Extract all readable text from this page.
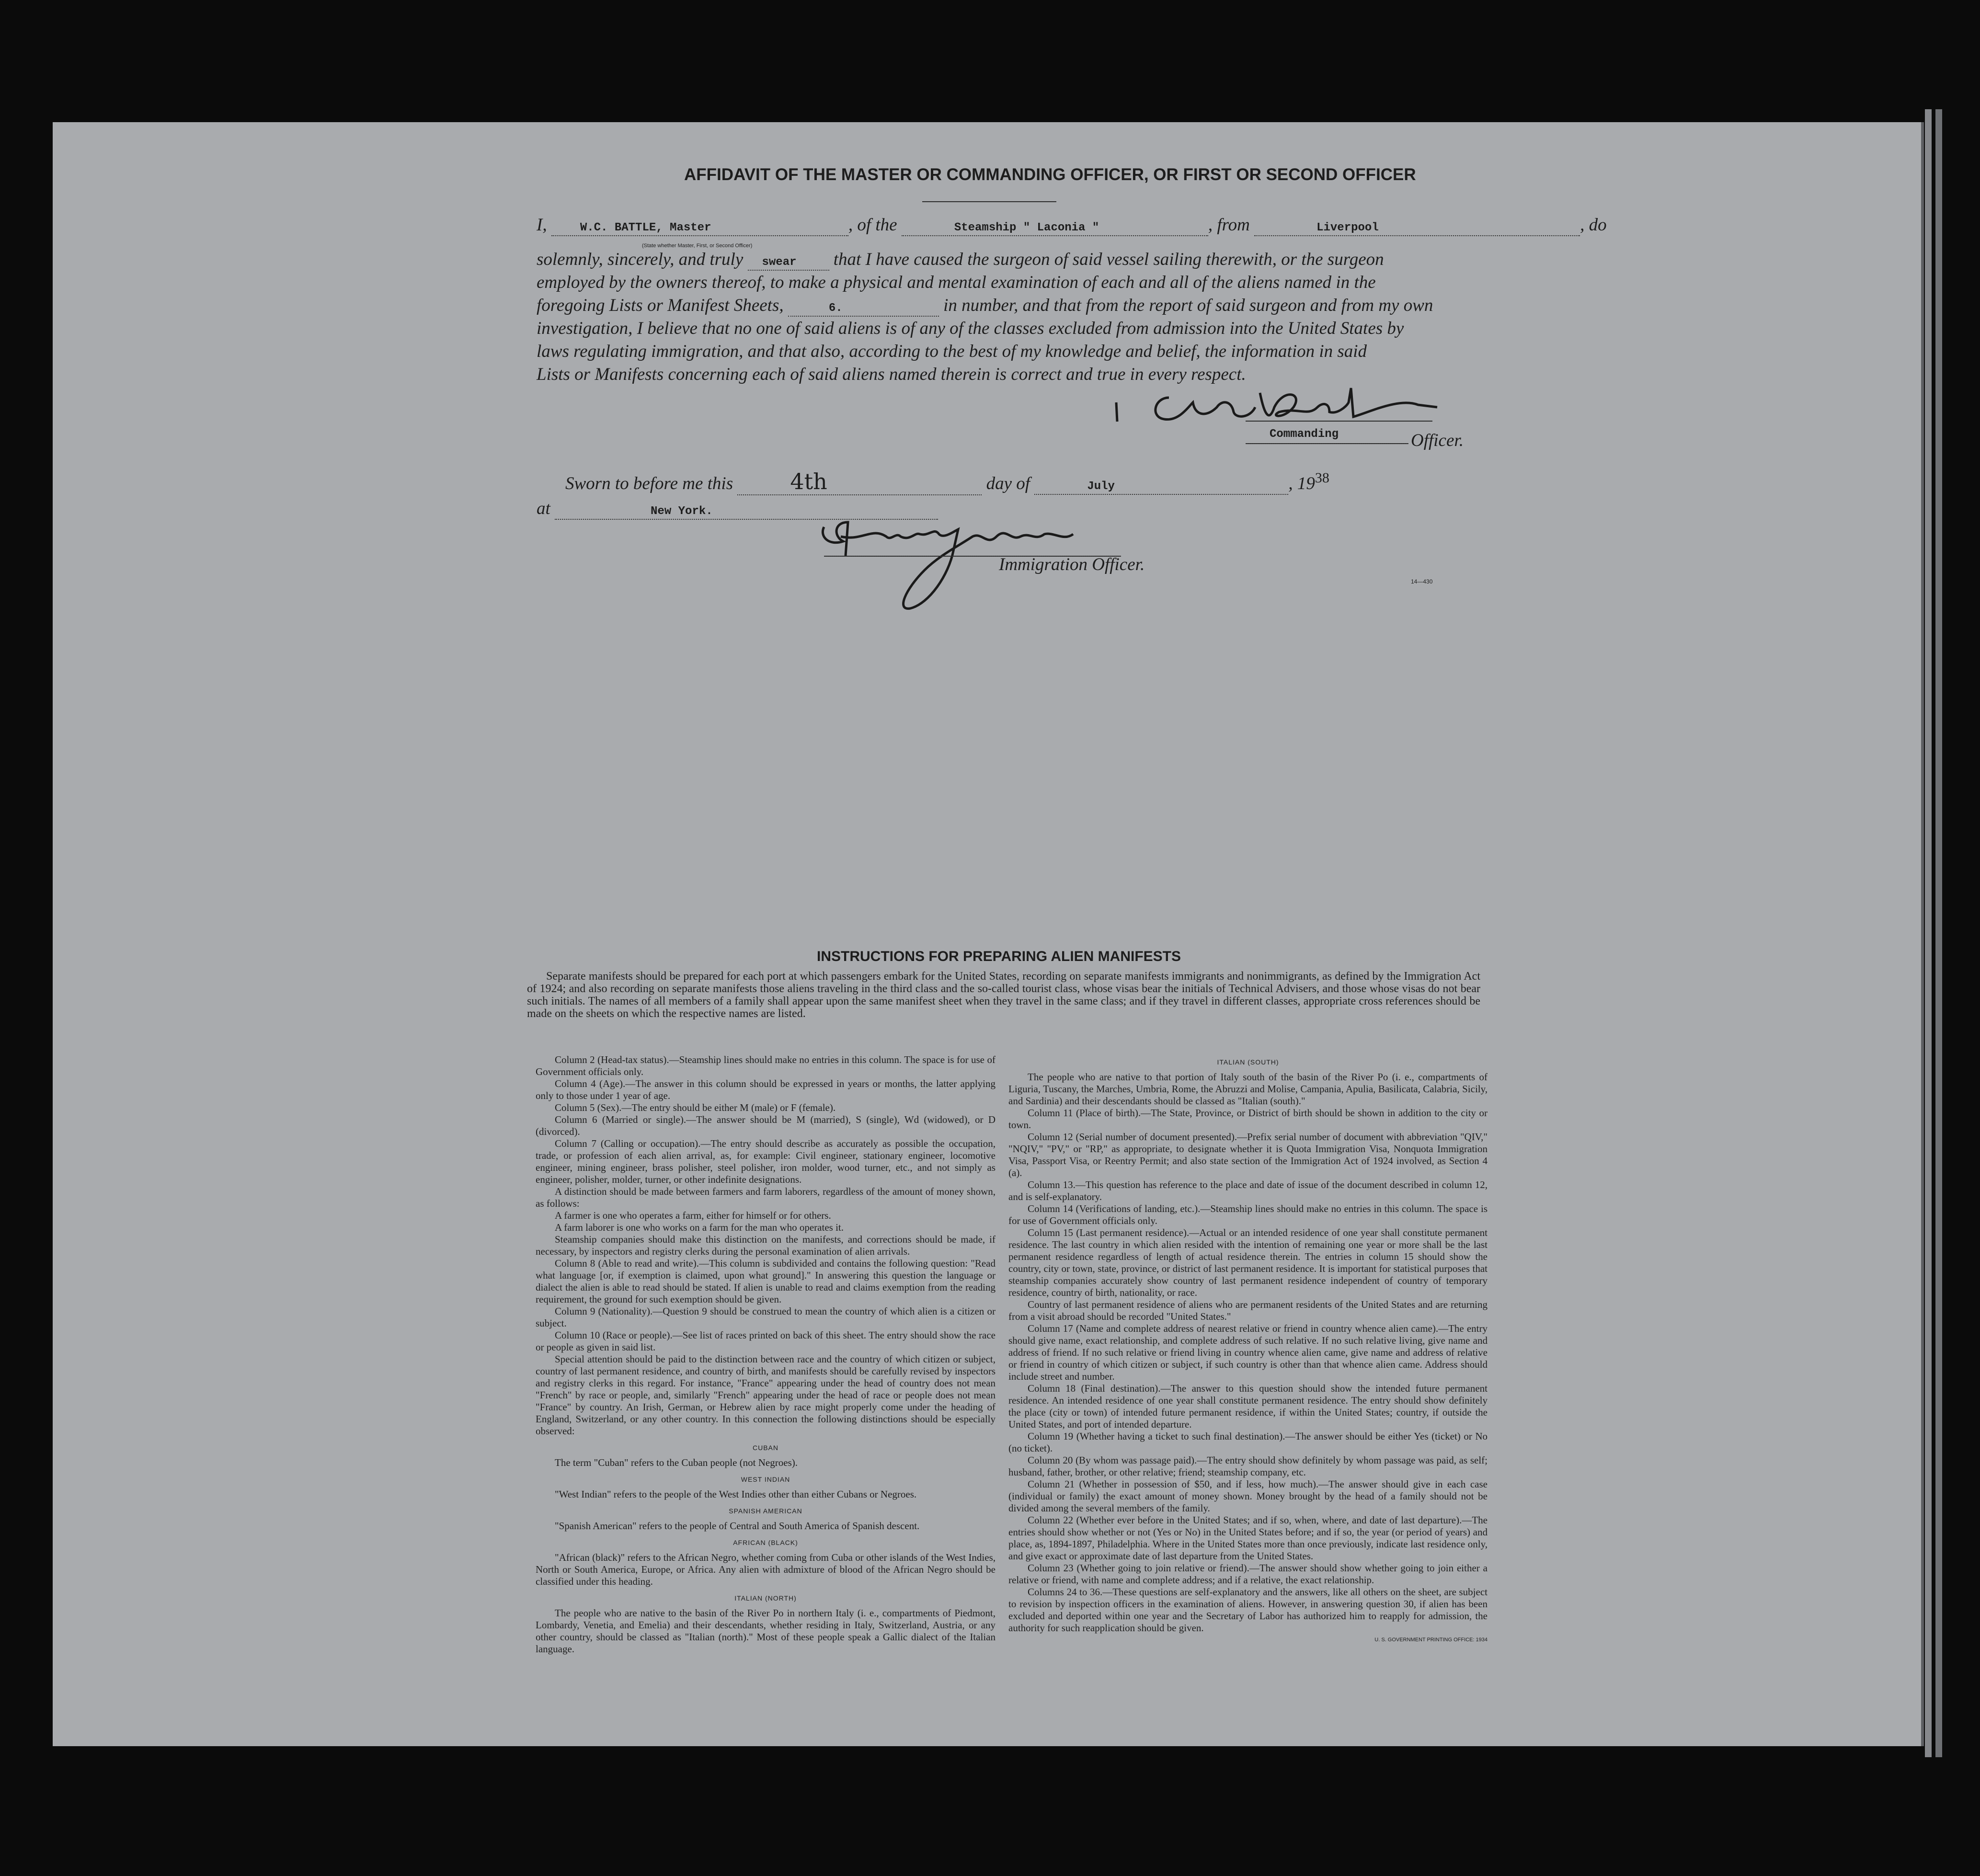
AFFIDAVIT OF THE MASTER OR COMMANDING OFFICER, OR FIRST OR SECOND OFFICER
I,	W.C. BATTLE, Master	, of the	Steamship " Laconia "	, from	Liverpool	, do
(State whether Master, First, or Second Officer)
solemnly, sincerely, and truly swear that I have caused the surgeon of said vessel sailing therewith, or the surgeon
employed by the owners thereof, to make a physical and mental examination of each and all of the aliens named in the
foregoing Lists or Manifest Sheets,	6.	in number, and that from the report of said surgeon and from my own
investigation, I believe that no one of said aliens is of any of the classes excluded from admission into the United States by
laws regulating immigration, and that also, according to the best of my knowledge and belief, the information in said
Lists or Manifests concerning each of said aliens named therein is correct and true in every respect.
Commanding	Officer.
Sworn to before me this	4th	day of	July	, $19^{38}$
at	New York.
Immigration Officer.
14—430
INSTRUCTIONS FOR PREPARING ALIEN MANIFESTS
Separate manifests should be prepared for each port at which passengers embark for the United States, recording on separate manifests immigrants and nonimmigrants, as defined by the Immigration Act of 1924; and also recording on separate manifests those aliens traveling in the third class and the so-called tourist class, whose visas bear the initials of Technical Advisers, and those whose visas do not bear such initials. The names of all members of a family shall appear upon the same manifest sheet when they travel in the same class; and if they travel in different classes, appropriate cross references should be made on the sheets on which the respective names are listed.

Column 2 (Head-tax status).—Steamship lines should make no entries in this column. The space is for use of Government officials only.

Column 4 (Age).—The answer in this column should be expressed in years or months, the latter applying only to those under 1 year of age.

Column 5 (Sex).—The entry should be either M (male) or F (female).

Column 6 (Married or single).—The answer should be M (married), S (single), Wd (widowed), or D (divorced).

Column 7 (Calling or occupation).—The entry should describe as accurately as possible the occupation, trade, or profession of each alien arrival, as, for example: Civil engineer, stationary engineer, locomotive engineer, mining engineer, brass polisher, steel polisher, iron molder, wood turner, etc., and not simply as engineer, polisher, molder, turner, or other indefinite designations.

A distinction should be made between farmers and farm laborers, regardless of the amount of money shown, as follows:

A farmer is one who operates a farm, either for himself or for others.

A farm laborer is one who works on a farm for the man who operates it.

Steamship companies should make this distinction on the manifests, and corrections should be made, if necessary, by inspectors and registry clerks during the personal examination of alien arrivals.

Column 8 (Able to read and write).—This column is subdivided and contains the following question: "Read what language [or, if exemption is claimed, upon what ground]." In answering this question the language or dialect the alien is able to read should be stated. If alien is unable to read and claims exemption from the reading requirement, the ground for such exemption should be given.

Column 9 (Nationality).—Question 9 should be construed to mean the country of which alien is a citizen or subject.

Column 10 (Race or people).—See list of races printed on back of this sheet. The entry should show the race or people as given in said list.

Special attention should be paid to the distinction between race and the country of which citizen or subject, country of last permanent residence, and country of birth, and manifests should be carefully revised by inspectors and registry clerks in this regard. For instance, "France" appearing under the head of country does not mean "French" by race or people, and, similarly "French" appearing under the head of race or people does not mean "France" by country. An Irish, German, or Hebrew alien by race might properly come under the heading of England, Switzerland, or any other country. In this connection the following distinctions should be especially observed:

CUBAN

The term "Cuban" refers to the Cuban people (not Negroes).

WEST INDIAN

"West Indian" refers to the people of the West Indies other than either Cubans or Negroes.

SPANISH AMERICAN

"Spanish American" refers to the people of Central and South America of Spanish descent.

AFRICAN (BLACK)

"African (black)" refers to the African Negro, whether coming from Cuba or other islands of the West Indies, North or South America, Europe, or Africa. Any alien with admixture of blood of the African Negro should be classified under this heading.

ITALIAN (NORTH)

The people who are native to the basin of the River Po in northern Italy (i. e., compartments of Piedmont, Lombardy, Venetia, and Emelia) and their descendants, whether residing in Italy, Switzerland, Austria, or any other country, should be classed as "Italian (north)." Most of these people speak a Gallic dialect of the Italian language.

ITALIAN (SOUTH)

The people who are native to that portion of Italy south of the basin of the River Po (i. e., compartments of Liguria, Tuscany, the Marches, Umbria, Rome, the Abruzzi and Molise, Campania, Apulia, Basilicata, Calabria, Sicily, and Sardinia) and their descendants should be classed as "Italian (south)."

Column 11 (Place of birth).—The State, Province, or District of birth should be shown in addition to the city or town.

Column 12 (Serial number of document presented).—Prefix serial number of document with abbreviation "QIV," "NQIV," "PV," or "RP," as appropriate, to designate whether it is Quota Immigration Visa, Nonquota Immigration Visa, Passport Visa, or Reentry Permit; and also state section of the Immigration Act of 1924 involved, as Section 4 (a).

Column 13.—This question has reference to the place and date of issue of the document described in column 12, and is self-explanatory.

Column 14 (Verifications of landing, etc.).—Steamship lines should make no entries in this column. The space is for use of Government officials only.

Column 15 (Last permanent residence).—Actual or an intended residence of one year shall constitute permanent residence. The last country in which alien resided with the intention of remaining one year or more shall be the last permanent residence regardless of length of actual residence therein. The entries in column 15 should show the country, city or town, state, province, or district of last permanent residence. It is important for statistical purposes that steamship companies accurately show country of last permanent residence independent of country of temporary residence, country of birth, nationality, or race.

Country of last permanent residence of aliens who are permanent residents of the United States and are returning from a visit abroad should be recorded "United States."

Column 17 (Name and complete address of nearest relative or friend in country whence alien came).—The entry should give name, exact relationship, and complete address of such relative. If no such relative living, give name and address of friend. If no such relative or friend living in country whence alien came, give name and address of relative or friend in country of which citizen or subject, if such country is other than that whence alien came. Address should include street and number.

Column 18 (Final destination).—The answer to this question should show the intended future permanent residence. An intended residence of one year shall constitute permanent residence. The entry should show definitely the place (city or town) of intended future permanent residence, if within the United States; country, if outside the United States, and port of intended departure.

Column 19 (Whether having a ticket to such final destination).—The answer should be either Yes (ticket) or No (no ticket).

Column 20 (By whom was passage paid).—The entry should show definitely by whom passage was paid, as self; husband, father, brother, or other relative; friend; steamship company, etc.

Column 21 (Whether in possession of $50, and if less, how much).—The answer should give in each case (individual or family) the exact amount of money shown. Money brought by the head of a family should not be divided among the several members of the family.

Column 22 (Whether ever before in the United States; and if so, when, where, and date of last departure).—The entries should show whether or not (Yes or No) in the United States before; and if so, the year (or period of years) and place, as, 1894-1897, Philadelphia. Where in the United States more than once previously, indicate last residence only, and give exact or approximate date of last departure from the United States.

Column 23 (Whether going to join relative or friend).—The answer should show whether going to join either a relative or friend, with name and complete address; and if a relative, the exact relationship.

Columns 24 to 36.—These questions are self-explanatory and the answers, like all others on the sheet, are subject to revision by inspection officers in the examination of aliens. However, in answering question 30, if alien has been excluded and deported within one year and the Secretary of Labor has authorized him to reapply for admission, the authority for such reapplication should be given.

U. S. GOVERNMENT PRINTING OFFICE: 1934
